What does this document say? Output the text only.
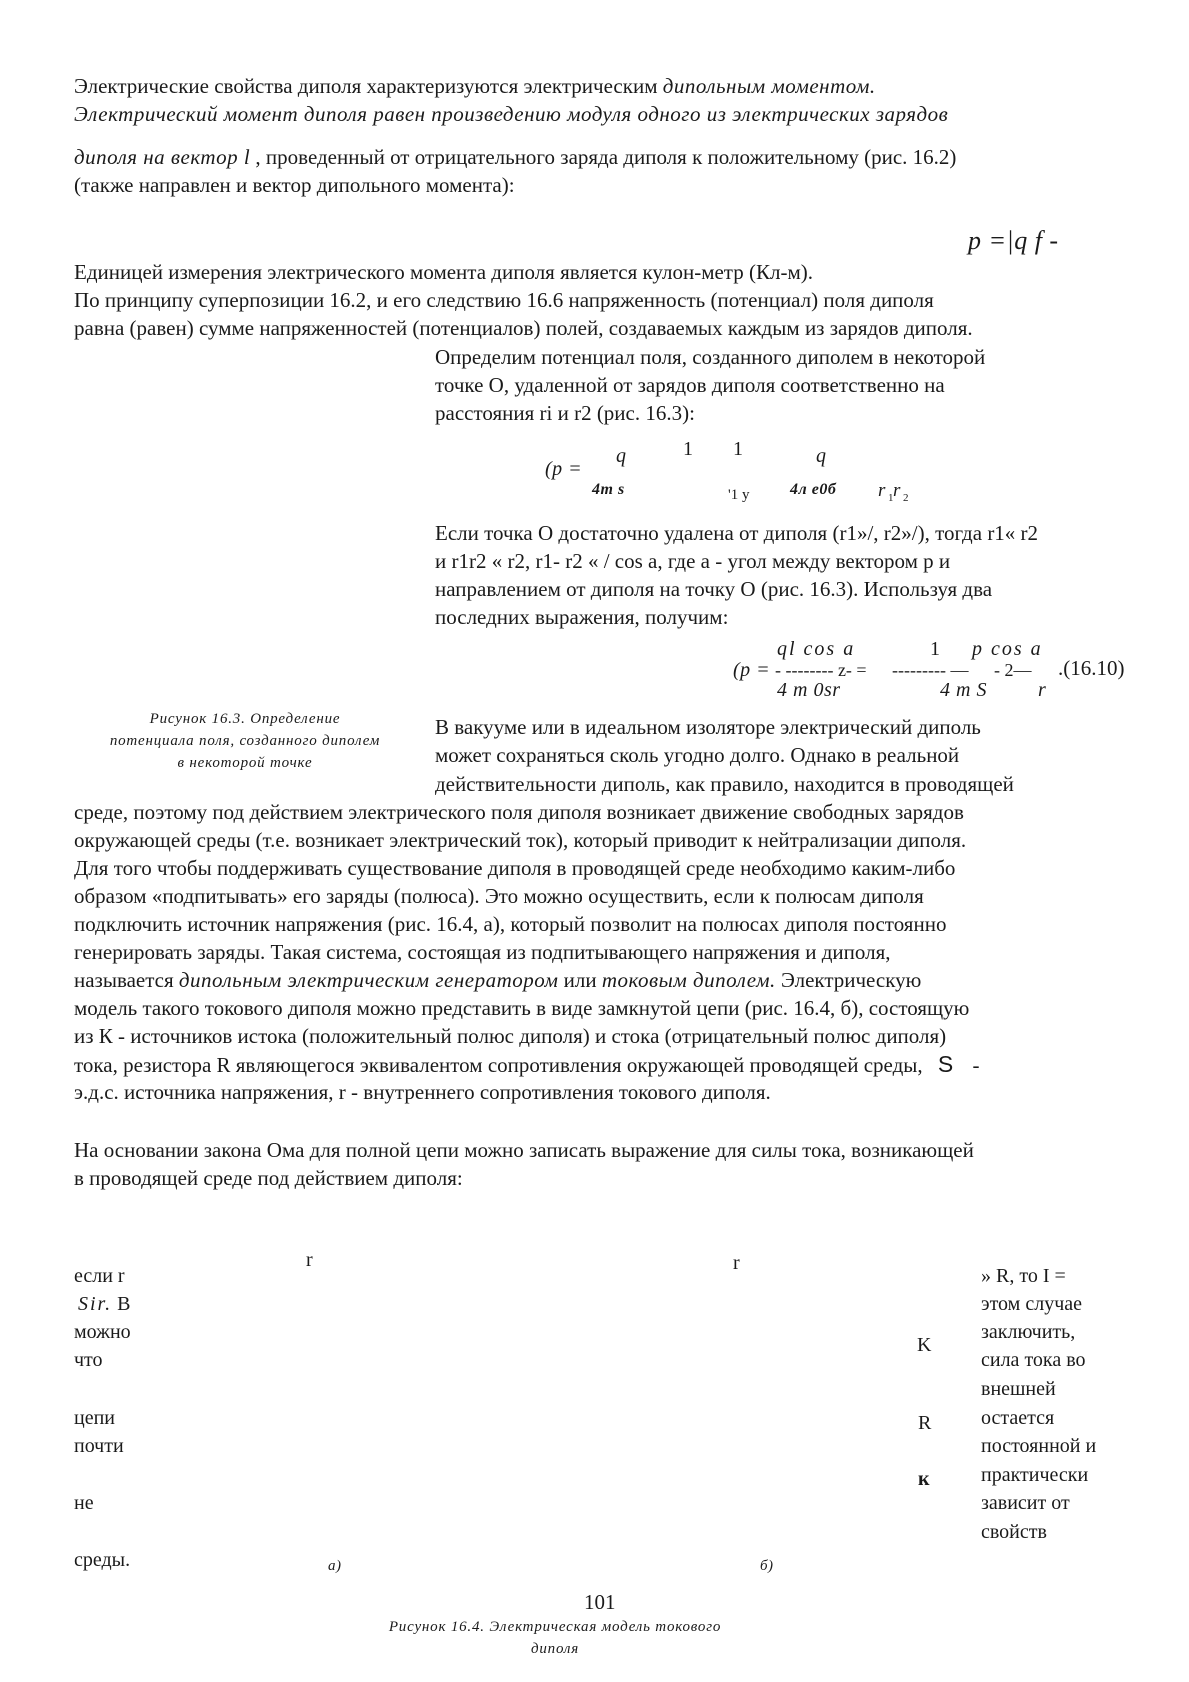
Электрические свойства диполя характеризуются электрическим дипольным моментом.
Электрический момент диполя равен произведению модуля одного из электрических зарядов
диполя на вектор l , проведенный от отрицательного заряда диполя к положительному (рис. 16.2)
(также направлен и вектор дипольного момента):
p =|q f -
Единицей измерения электрического момента диполя является кулон-метр (Кл-м).
По принципу суперпозиции 16.2, и его следствию 16.6 напряженность (потенциал) поля диполя
равна (равен) сумме напряженностей (потенциалов) полей, создаваемых каждым из зарядов диполя.
Определим потенциал поля, созданного диполем в некоторой
точке О, удаленной от зарядов диполя соответственно на
расстояния ri и r2 (рис. 16.3):
(p =
q	1 1	q
4m s	'1 у	4л е0б r 1 r 2
Если точка О достаточно удалена от диполя (r1»/, r2»/), тогда r1« r2
и r1r2 « r2, r1- r2 « / cos a, где a - угол между вектором p и
направлением от диполя на точку О (рис. 16.3). Используя два
последних выражения, получим:
(p =
ql cos a
- -------- z- =
4 m 0sr
1
--------- —
4 m S
p cos a
- 2—
r
.(16.10)
Рисунок 16.3. Определение
потенциала поля, созданного диполем
в некоторой точке
В вакууме или в идеальном изоляторе электрический диполь
может сохраняться сколь угодно долго. Однако в реальной
действительности диполь, как правило, находится в проводящей
среде, поэтому под действием электрического поля диполя возникает движение свободных зарядов
окружающей среды (т.е. возникает электрический ток), который приводит к нейтрализации диполя.
Для того чтобы поддерживать существование диполя в проводящей среде необходимо каким-либо
образом «подпитывать» его заряды (полюса). Это можно осуществить, если к полюсам диполя
подключить источник напряжения (рис. 16.4, а), который позволит на полюсах диполя постоянно
генерировать заряды. Такая система, состоящая из подпитывающего напряжения и диполя,
называется дипольным электрическим генератором или токовым диполем. Электрическую
модель такого токового диполя можно представить в виде замкнутой цепи (рис. 16.4, б), состоящую
из К - источников истока (положительный полюс диполя) и стока (отрицательный полюс диполя)
тока, резистора R являющегося эквивалентом сопротивления окружающей проводящей среды, S -
э.д.с. источника напряжения, r - внутреннего сопротивления токового диполя.
На основании закона Ома для полной цепи можно записать выражение для силы тока, возникающей
в проводящей среде под действием диполя:
если r
Sir. В
можно
что
цепи
почти
не
среды.
r	r
K
R
к
а)	б)
» R, то I =
этом случае
заключить,
сила тока во
внешней
остается
постоянной и
практически
зависит от
свойств
101
Рисунок 16.4. Электрическая модель токового
диполя
